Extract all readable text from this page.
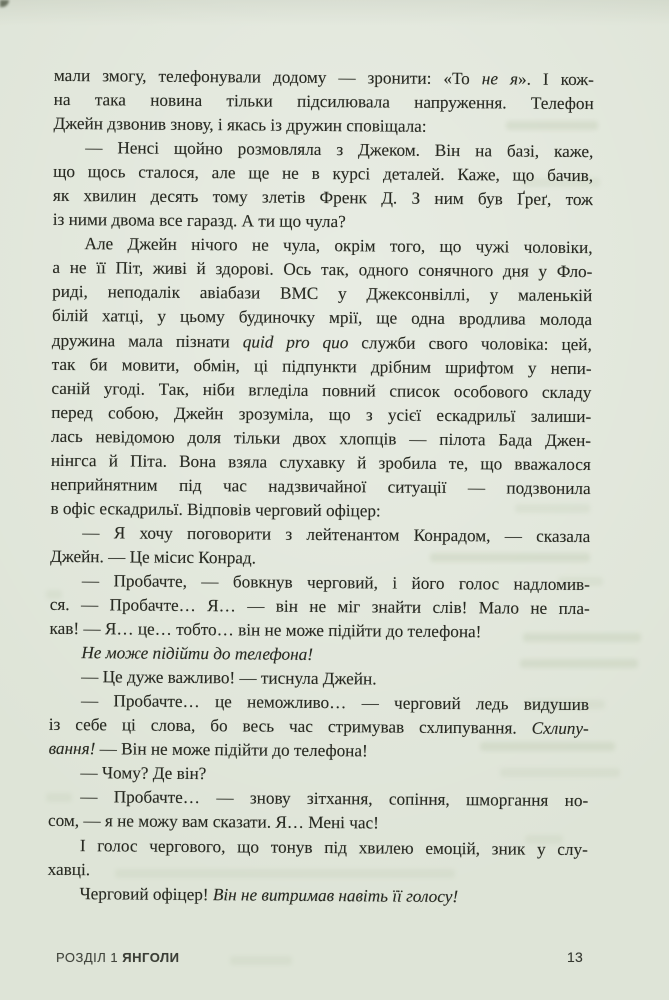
мали змогу, телефонували додому — зронити: «То не я». І кож-
на така новина тільки підсилювала напруження. Телефон
Джейн дзвонив знову, і якась із дружин сповіщала:
— Ненсі щойно розмовляла з Джеком. Він на базі, каже,
що щось сталося, але ще не в курсі деталей. Каже, що бачив,
як хвилин десять тому злетів Френк Д. З ним був Ґреґ, тож
із ними двома все гаразд. А ти що чула?
Але Джейн нічого не чула, окрім того, що чужі чоловіки,
а не її Піт, живі й здорові. Ось так, одного сонячного дня у Фло-
риді, неподалік авіабази ВМС у Джексонвіллі, у маленькій
білій хатці, у цьому будиночку мрії, ще одна вродлива молода
дружина мала пізнати quid pro quo служби свого чоловіка: цей,
так би мовити, обмін, ці підпункти дрібним шрифтом у непи-
саній угоді. Так, ніби вгледіла повний список особового складу
перед собою, Джейн зрозуміла, що з усієї ескадрильї залиши-
лась невідомою доля тільки двох хлопців — пілота Бада Джен-
нінгса й Піта. Вона взяла слухавку й зробила те, що вважалося
неприйнятним під час надзвичайної ситуації — подзвонила
в офіс ескадрильї. Відповів черговий офіцер:
— Я хочу поговорити з лейтенантом Конрадом, — сказала
Джейн. — Це місис Конрад.
— Пробачте, — бовкнув черговий, і його голос надломив-
ся. — Пробачте… Я… — він не міг знайти слів! Мало не пла-
кав! — Я… це… тобто… він не може підійти до телефона!
Не може підійти до телефона!
— Це дуже важливо! — тиснула Джейн.
— Пробачте… це неможливо… — черговий ледь видушив
із себе ці слова, бо весь час стримував схлипування. Схлипу-
вання! — Він не може підійти до телефона!
— Чому? Де він?
— Пробачте… — знову зітхання, сопіння, шморгання но-
сом, — я не можу вам сказати. Я… Мені час!
І голос чергового, що тонув під хвилею емоцій, зник у слу-
хавці.
Черговий офіцер! Він не витримав навіть її голосу!
РОЗДІЛ 1 ЯНГОЛИ	13
